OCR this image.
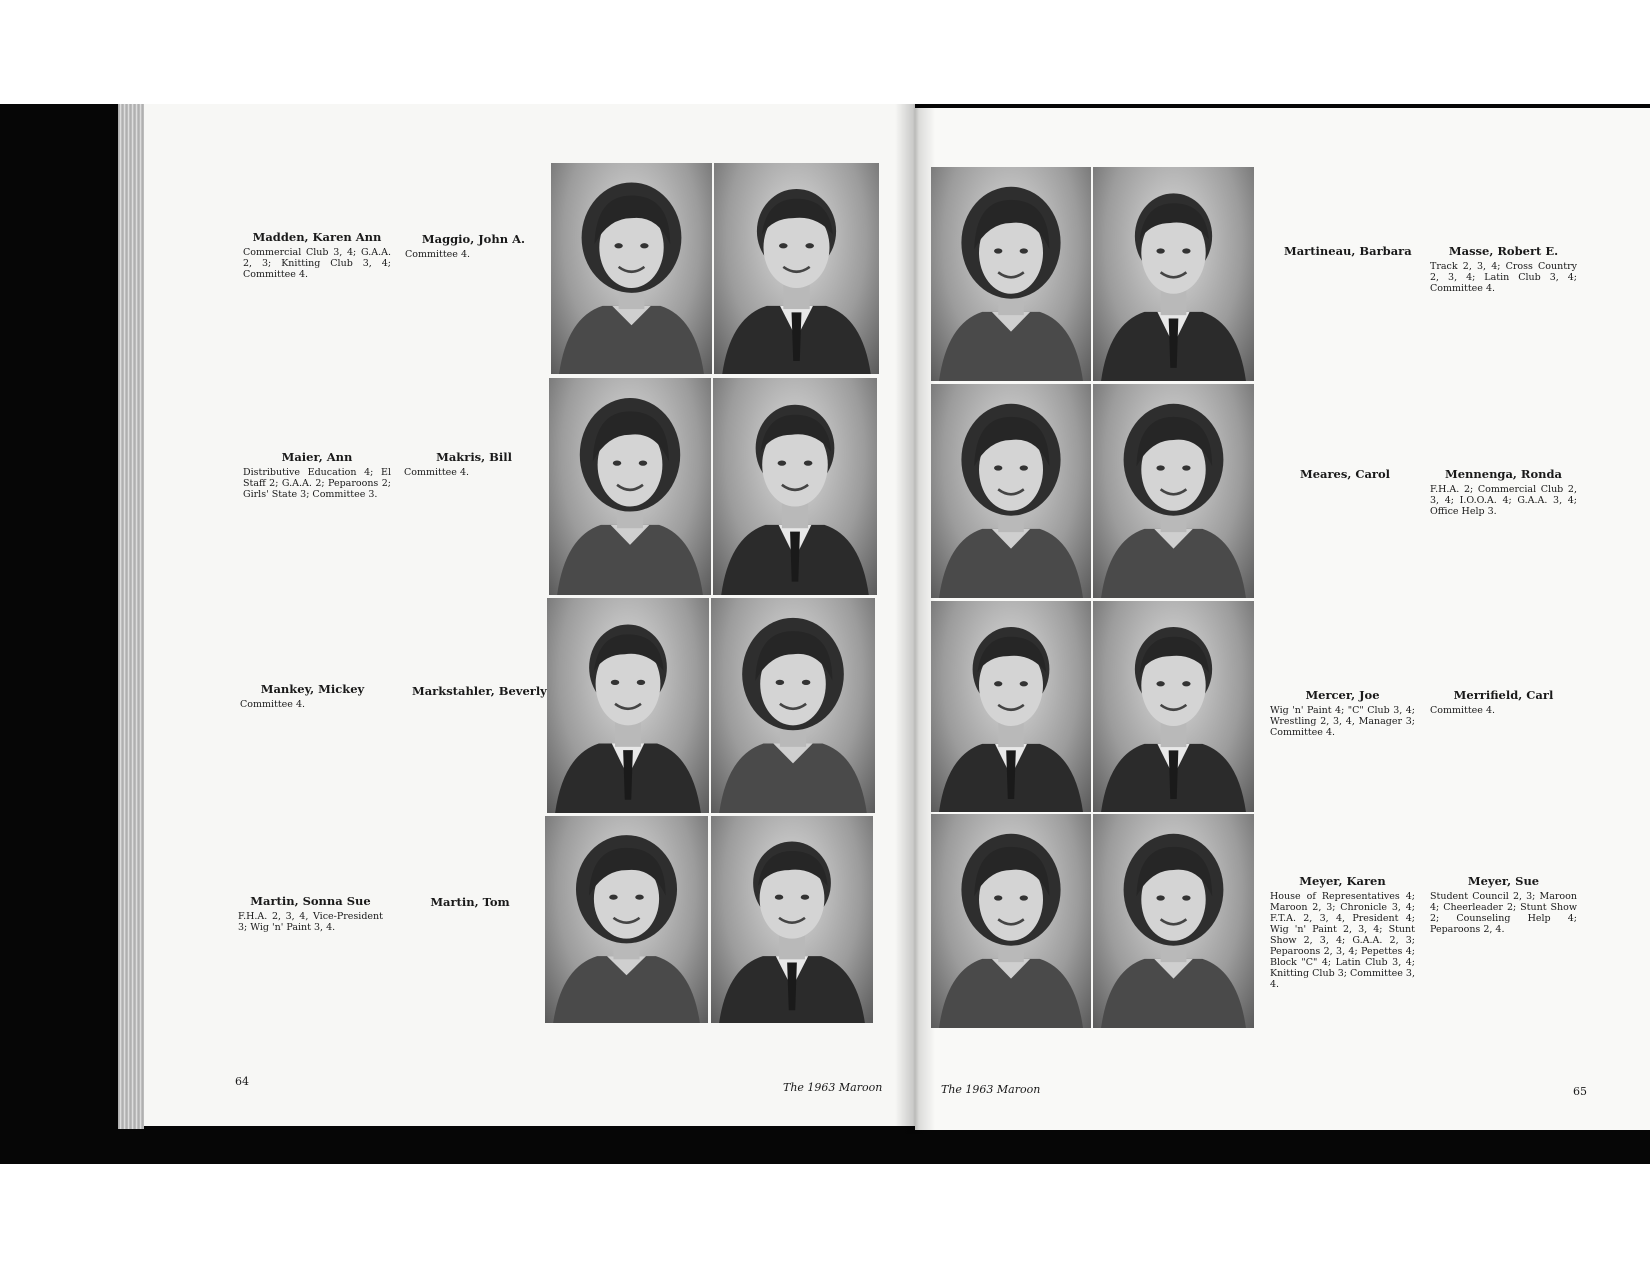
Madden, Karen Ann
Commercial Club 3, 4; G.A.A. 2, 3; Knitting Club 3, 4; Committee 4.
Maggio, John A.
Committee 4.
Maier, Ann
Distributive Education 4; El Staff 2; G.A.A. 2; Peparoons 2; Girls' State 3; Committee 3.
Makris, Bill
Committee 4.
Mankey, Mickey
Committee 4.
Markstahler, Beverly
Martin, Sonna Sue
F.H.A. 2, 3, 4, Vice-President 3; Wig 'n' Paint 3, 4.
Martin, Tom
Martineau, Barbara	Masse, Robert E.
Track 2, 3, 4; Cross Country 2, 3, 4; Latin Club 3, 4; Committee 4.
Meares, Carol	Mennenga, Ronda
F.H.A. 2; Commercial Club 2, 3, 4; I.O.O.A. 4; G.A.A. 3, 4; Office Help 3.
Mercer, Joe
Wig 'n' Paint 4; "C" Club 3, 4; Wrestling 2, 3, 4, Manager 3; Committee 4.
Merrifield, Carl
Committee 4.
Meyer, Karen
House of Representatives 4; Maroon 2, 3; Chronicle 3, 4; F.T.A. 2, 3, 4, President 4; Wig 'n' Paint 2, 3, 4; Stunt Show 2, 3, 4; G.A.A. 2, 3; Peparoons 2, 3, 4; Pepettes 4; Block "C" 4; Latin Club 3, 4; Knitting Club 3; Committee 3, 4.
Meyer, Sue
Student Council 2, 3; Maroon 4; Cheerleader 2; Stunt Show 2; Counseling Help 4; Peparoons 2, 4.
64	The 1963 Maroon	The 1963 Maroon	65
